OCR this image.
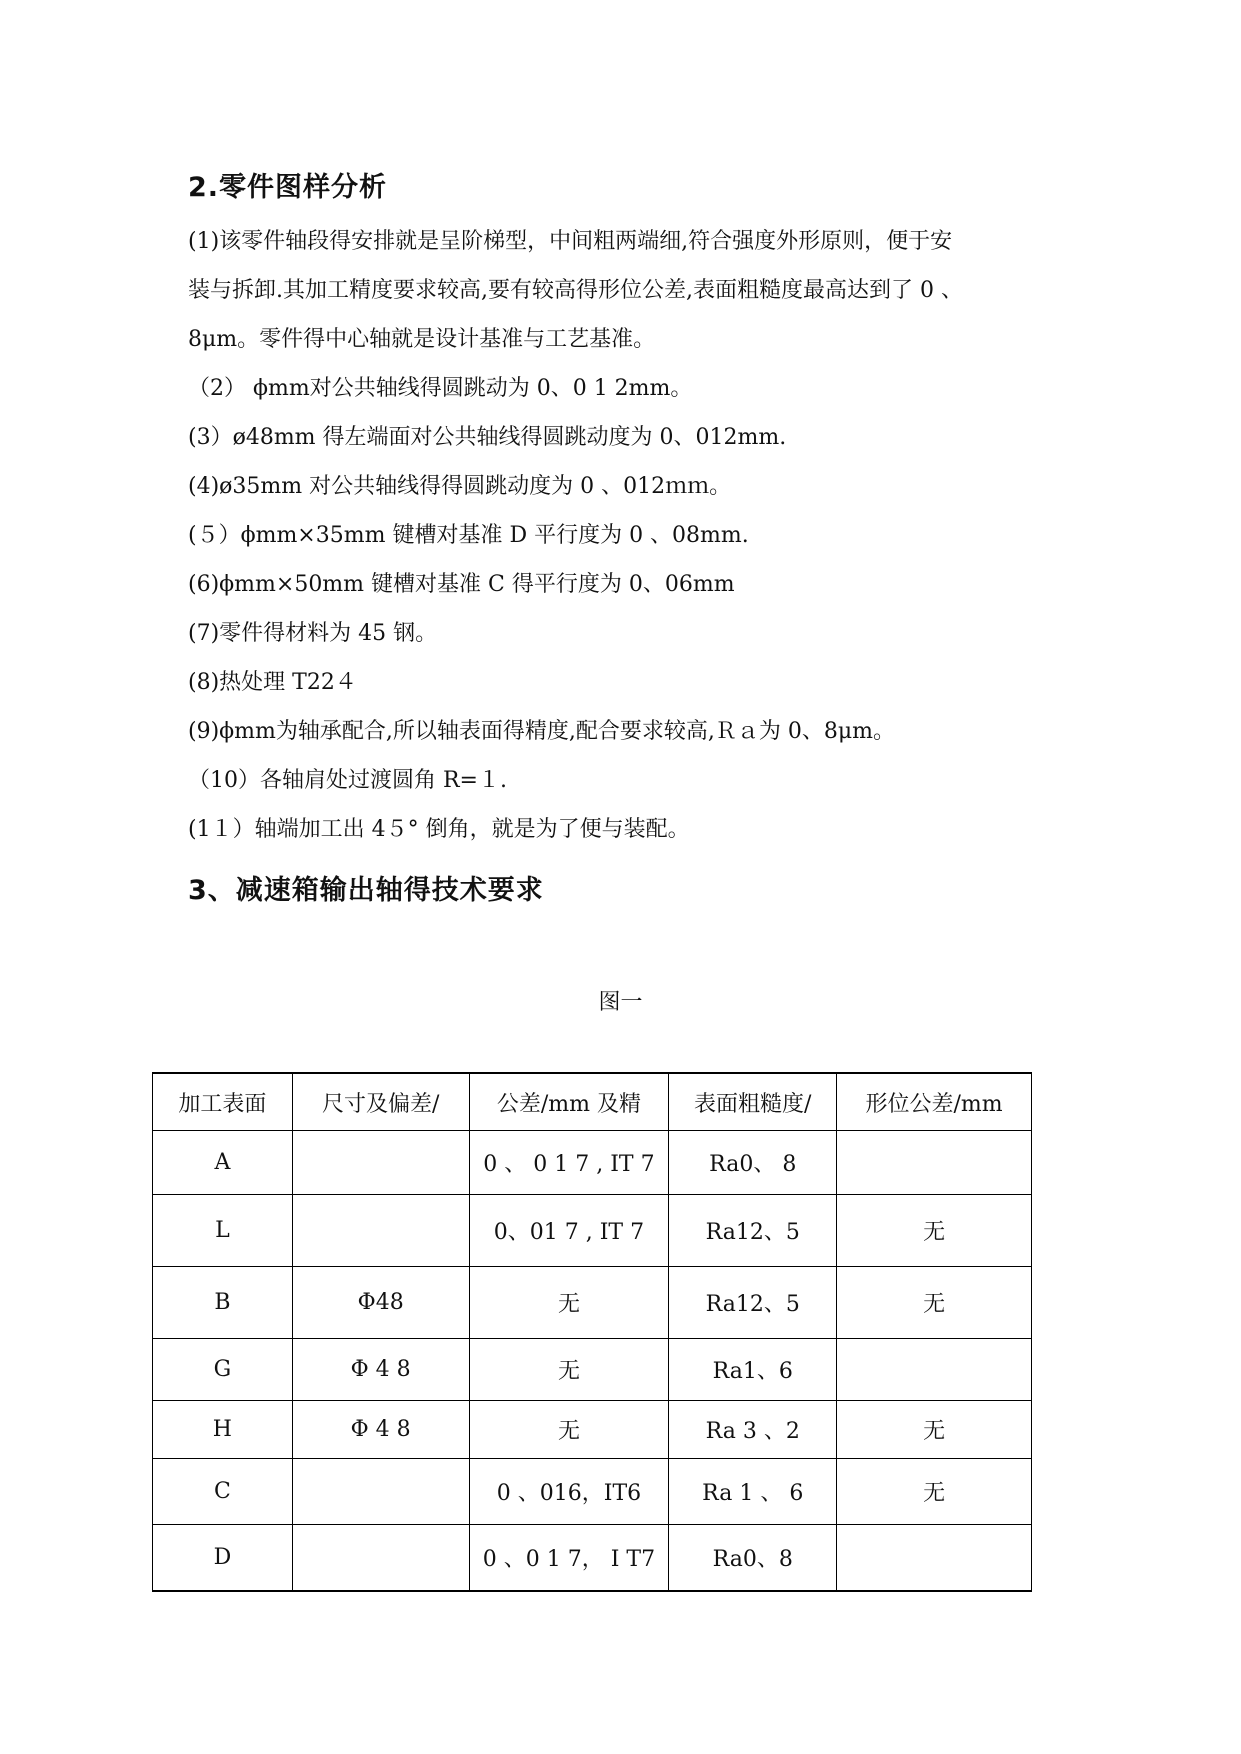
2.零件图样分析
(1)该零件轴段得安排就是呈阶梯型，中间粗两端细,符合强度外形原则，便于安
装与拆卸.其加工精度要求较高,要有较高得形位公差,表面粗糙度最高达到了 0 、
8μm。零件得中心轴就是设计基准与工艺基准。
（2） ϕmm对公共轴线得圆跳动为 0、0 1 2mm。
(3）ø48mm 得左端面对公共轴线得圆跳动度为 0、012mm.
(4)ø35mm 对公共轴线得得圆跳动度为 0 、012ｍｍ。
(５）ϕmm×35mm 键槽对基准 D 平行度为 0 、08mm.
(6)ϕmm×50mm 键槽对基准 C 得平行度为 0、06mm
(7)零件得材料为 45 钢。
(8)热处理 T22４
(9)ϕmm为轴承配合,所以轴表面得精度,配合要求较高,Ｒａ为 0、8μm。
（10）各轴肩处过渡圆角 R=１.
(1１）轴端加工出 4５° 倒角，就是为了便与装配。
3、减速箱输出轴得技术要求
图一
加工表面	尺寸及偏差/	公差/mm 及精	表面粗糙度/	形位公差/mm
A		0 、 0 1 7 , IT 7	Ra0、 8	
L		0、01 7 , IT 7	Ra12、5	无
B	Φ48	无	Ra12、5	无
G	Φ 4 8	无	Ra1、6	
H	Φ 4 8	无	Ra 3 、2	无
C		0 、016，IT6	Ra 1 、 6	无
D		0 、0 1 7， I T7	Ra0、8	
